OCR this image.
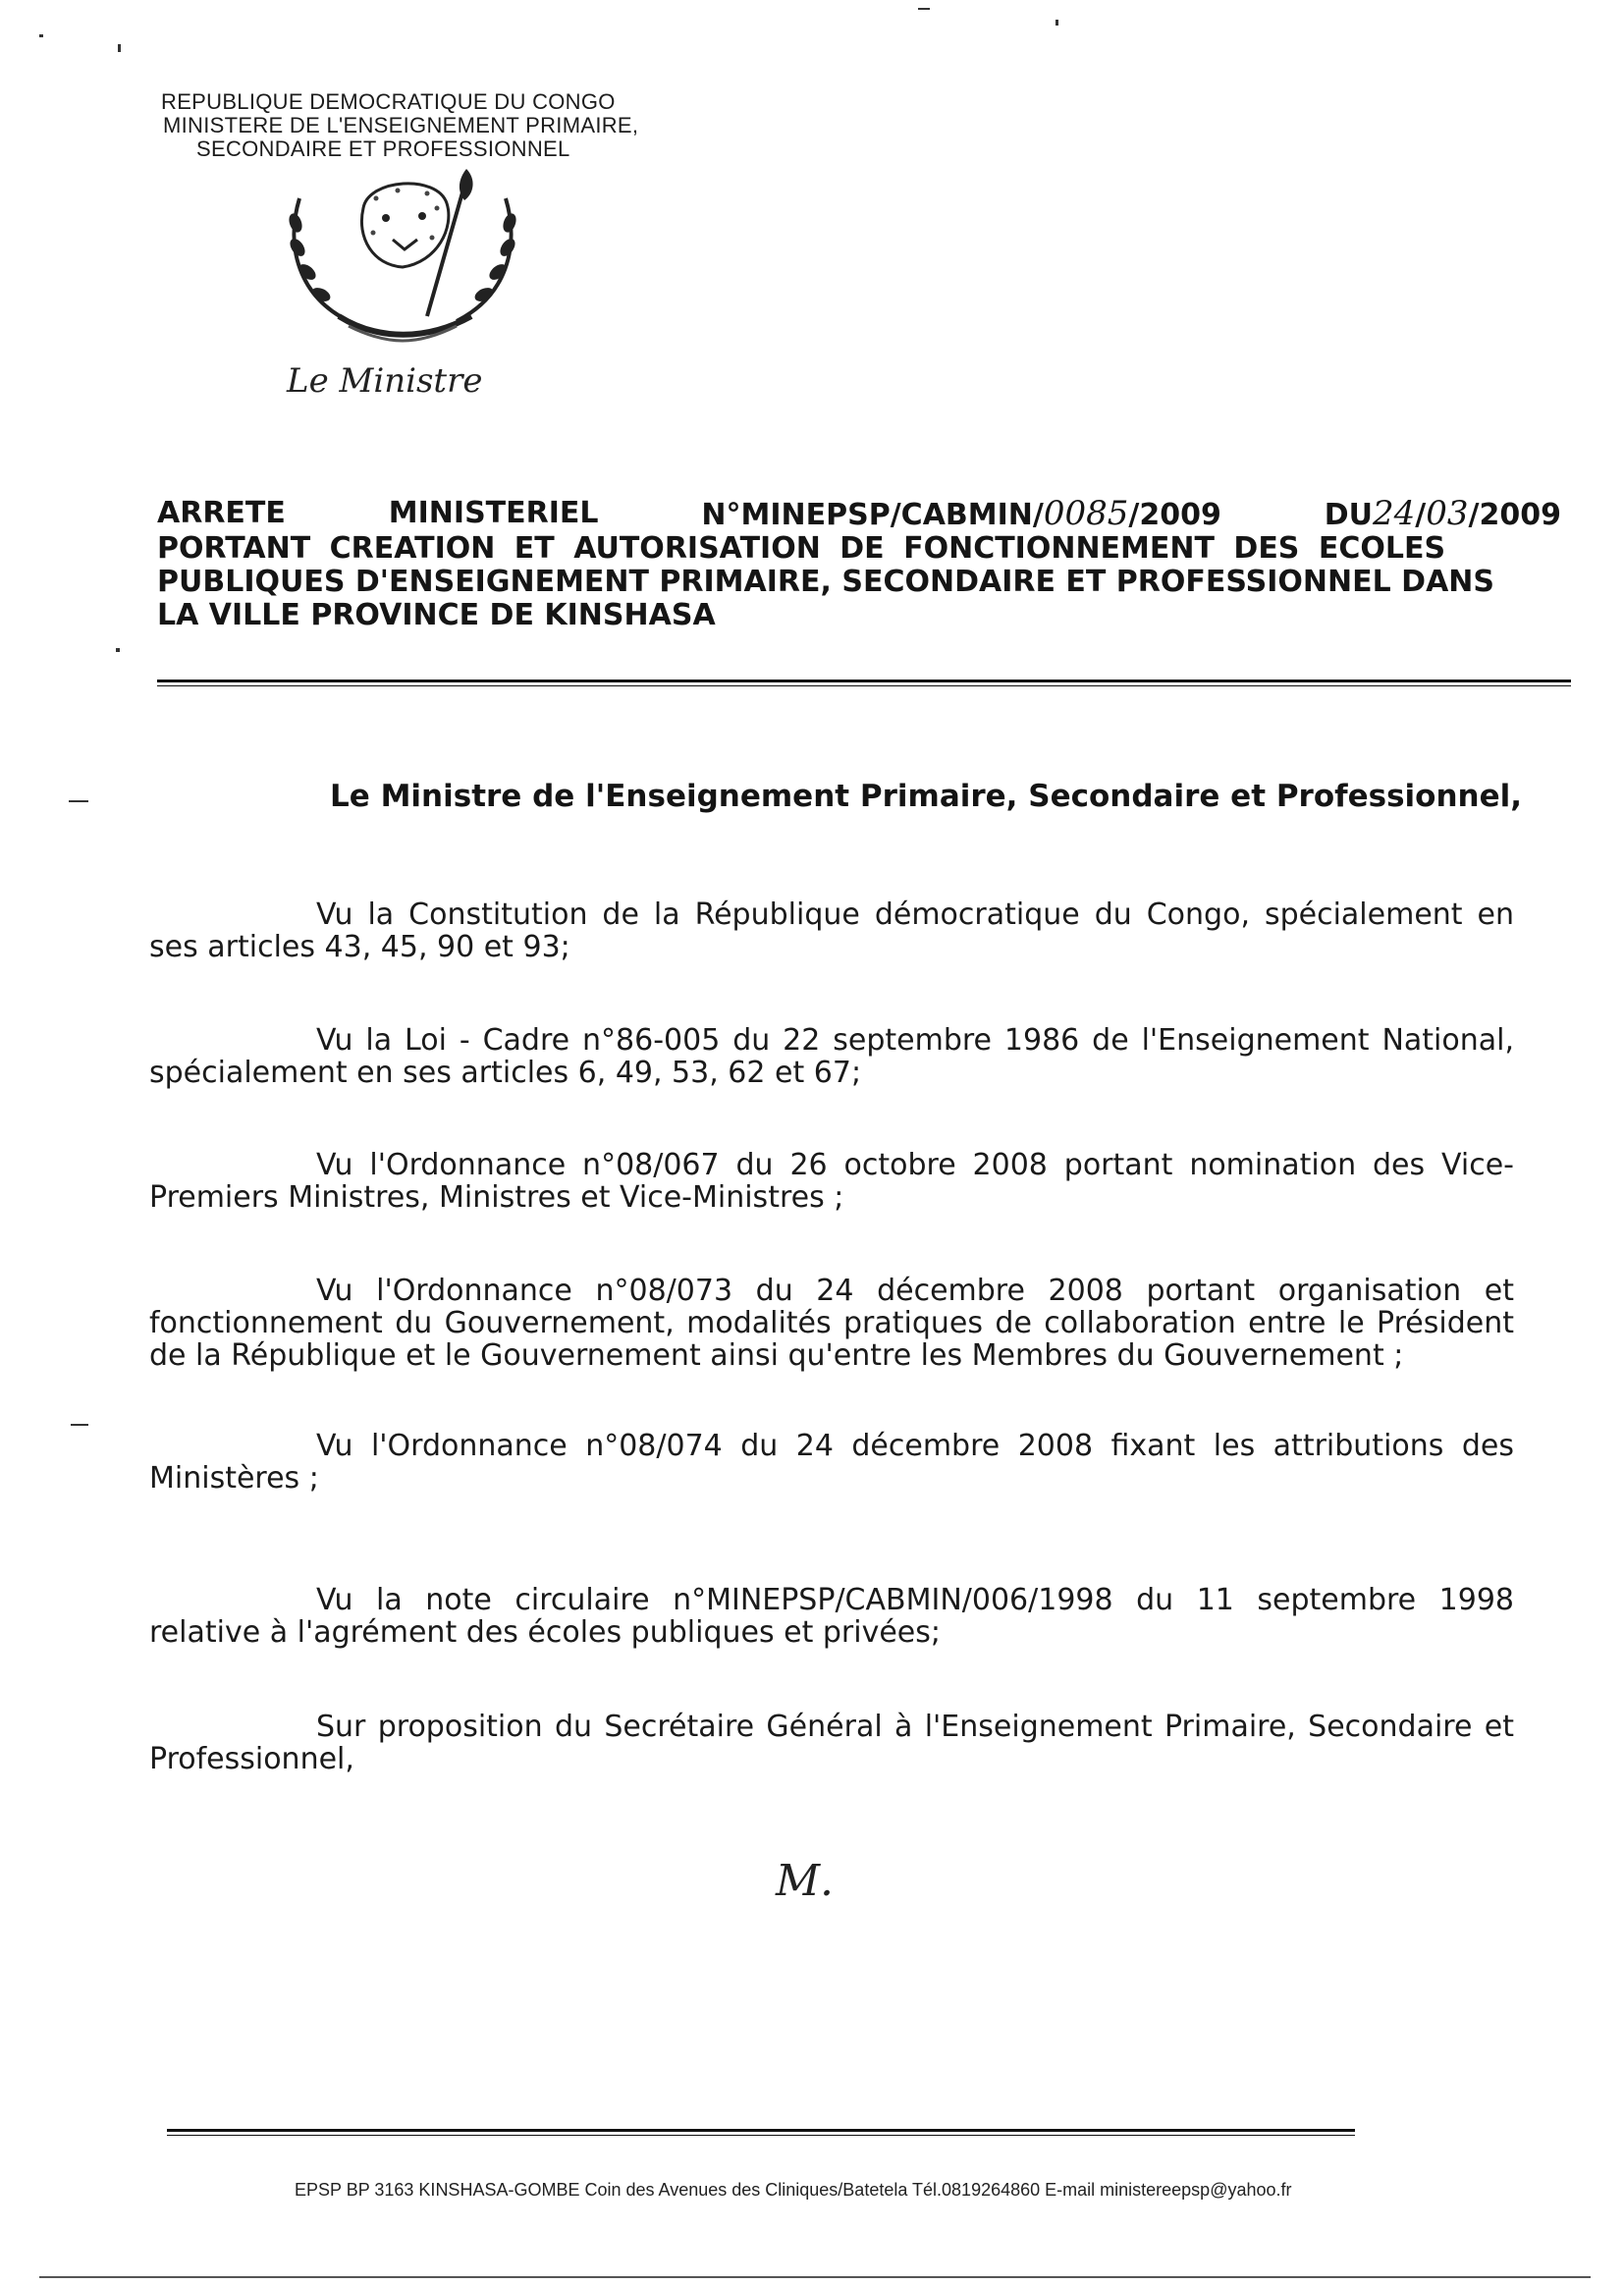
REPUBLIQUE DEMOCRATIQUE DU CONGO
MINISTERE DE L'ENSEIGNEMENT PRIMAIRE,
SECONDAIRE ET PROFESSIONNEL
Le Ministre
ARRETE	MINISTERIEL	N°MINEPSP/CABMIN/0085/2009	DU24/03/2009
PORTANT CREATION ET AUTORISATION DE FONCTIONNEMENT DES ECOLES
PUBLIQUES D'ENSEIGNEMENT PRIMAIRE, SECONDAIRE ET PROFESSIONNEL DANS
LA VILLE PROVINCE DE KINSHASA
Le Ministre de l'Enseignement Primaire, Secondaire et Professionnel,
Vu la Constitution de la République démocratique du Congo, spécialement en ses articles 43, 45, 90 et 93;
Vu la Loi - Cadre n°86-005 du 22 septembre 1986 de l'Enseignement National, spécialement en ses articles 6, 49, 53, 62 et 67;
Vu l'Ordonnance n°08/067 du 26 octobre 2008 portant nomination des Vice-Premiers Ministres, Ministres et Vice-Ministres ;
Vu l'Ordonnance n°08/073 du 24 décembre 2008 portant organisation et fonctionnement du Gouvernement, modalités pratiques de collaboration entre le Président de la République et le Gouvernement ainsi qu'entre les Membres du Gouvernement ;
Vu l'Ordonnance n°08/074 du 24 décembre 2008 fixant les attributions des Ministères ;
Vu la note circulaire n°MINEPSP/CABMIN/006/1998 du 11 septembre 1998 relative à l'agrément des écoles publiques et privées;
Sur proposition du Secrétaire Général à l'Enseignement Primaire, Secondaire et Professionnel,
M.
EPSP BP 3163 KINSHASA-GOMBE Coin des Avenues des Cliniques/Batetela Tél.0819264860 E-mail ministereepsp@yahoo.fr
